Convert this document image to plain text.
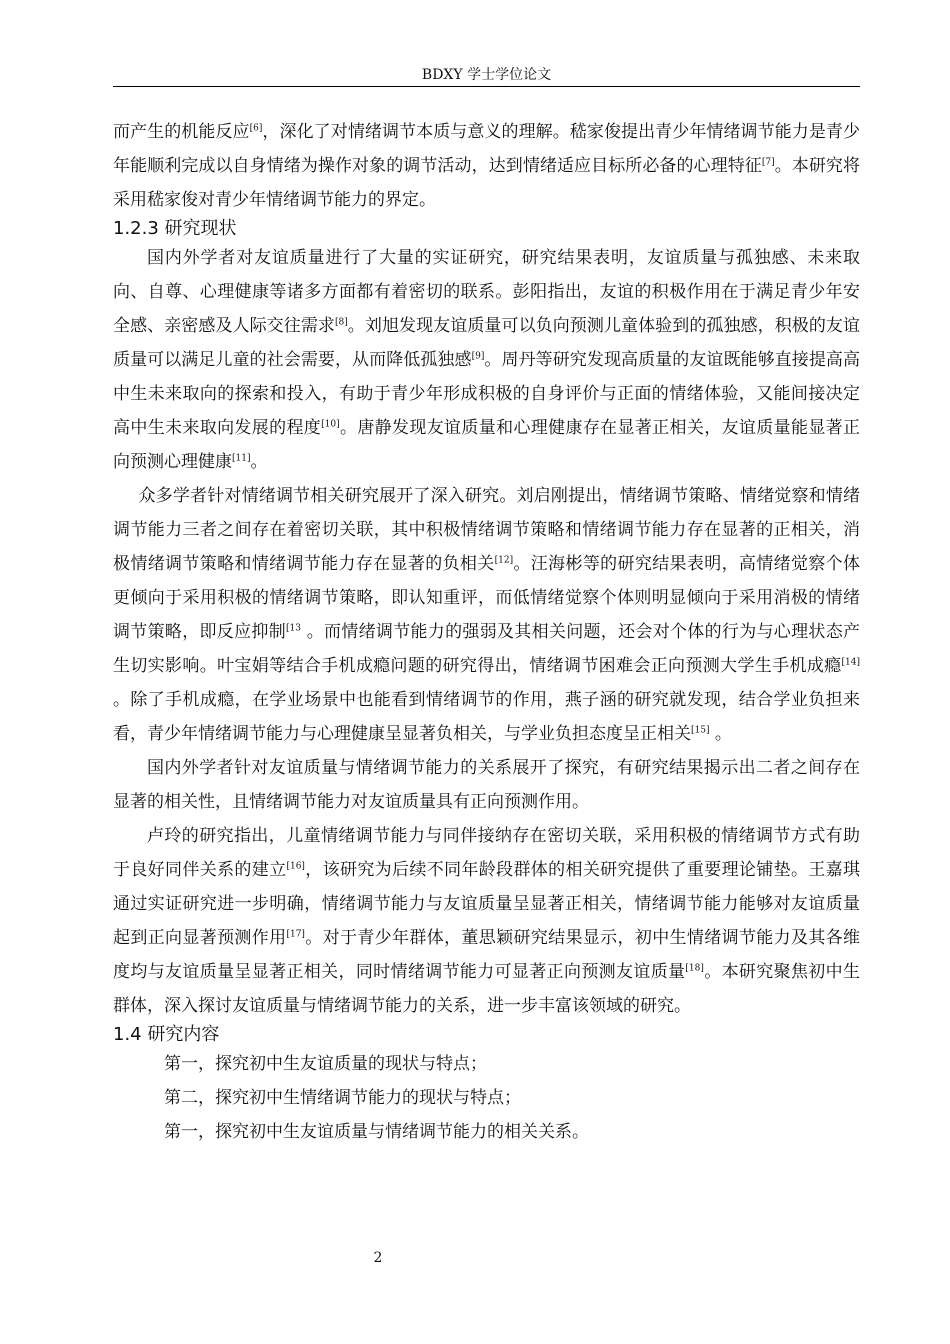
BDXY 学士学位论文

而产生的机能反应[6]，深化了对情绪调节本质与意义的理解。嵇家俊提出青少年情绪调节能力是青少年能顺利完成以自身情绪为操作对象的调节活动，达到情绪适应目标所必备的心理特征[7]。本研究将采用嵇家俊对青少年情绪调节能力的界定。

1.2.3 研究现状

国内外学者对友谊质量进行了大量的实证研究，研究结果表明，友谊质量与孤独感、未来取向、自尊、心理健康等诸多方面都有着密切的联系。彭阳指出，友谊的积极作用在于满足青少年安全感、亲密感及人际交往需求[8]。刘旭发现友谊质量可以负向预测儿童体验到的孤独感，积极的友谊质量可以满足儿童的社会需要，从而降低孤独感[9]。周丹等研究发现高质量的友谊既能够直接提高高中生未来取向的探索和投入，有助于青少年形成积极的自身评价与正面的情绪体验，又能间接决定高中生未来取向发展的程度[10]。唐静发现友谊质量和心理健康存在显著正相关，友谊质量能显著正向预测心理健康[11]。

众多学者针对情绪调节相关研究展开了深入研究。刘启刚提出，情绪调节策略、情绪觉察和情绪调节能力三者之间存在着密切关联，其中积极情绪调节策略和情绪调节能力存在显著的正相关，消极情绪调节策略和情绪调节能力存在显著的负相关[12]。汪海彬等的研究结果表明，高情绪觉察个体更倾向于采用积极的情绪调节策略，即认知重评，而低情绪觉察个体则明显倾向于采用消极的情绪调节策略，即反应抑制$^{[13}$ 。而情绪调节能力的强弱及其相关问题，还会对个体的行为与心理状态产生切实影响。叶宝娟等结合手机成瘾问题的研究得出，情绪调节困难会正向预测大学生手机成瘾[14] 。除了手机成瘾，在学业场景中也能看到情绪调节的作用，燕子涵的研究就发现，结合学业负担来看，青少年情绪调节能力与心理健康呈显著负相关，与学业负担态度呈正相关[15] 。

国内外学者针对友谊质量与情绪调节能力的关系展开了探究，有研究结果揭示出二者之间存在显著的相关性，且情绪调节能力对友谊质量具有正向预测作用。

卢玲的研究指出，儿童情绪调节能力与同伴接纳存在密切关联，采用积极的情绪调节方式有助于良好同伴关系的建立[16]，该研究为后续不同年龄段群体的相关研究提供了重要理论铺垫。王嘉琪通过实证研究进一步明确，情绪调节能力与友谊质量呈显著正相关，情绪调节能力能够对友谊质量起到正向显著预测作用[17]。对于青少年群体，董思颖研究结果显示，初中生情绪调节能力及其各维度均与友谊质量呈显著正相关，同时情绪调节能力可显著正向预测友谊质量[18]。本研究聚焦初中生群体，深入探讨友谊质量与情绪调节能力的关系，进一步丰富该领域的研究。

1.4 研究内容

第一，探究初中生友谊质量的现状与特点；

第二，探究初中生情绪调节能力的现状与特点；

第一，探究初中生友谊质量与情绪调节能力的相关关系。

2
